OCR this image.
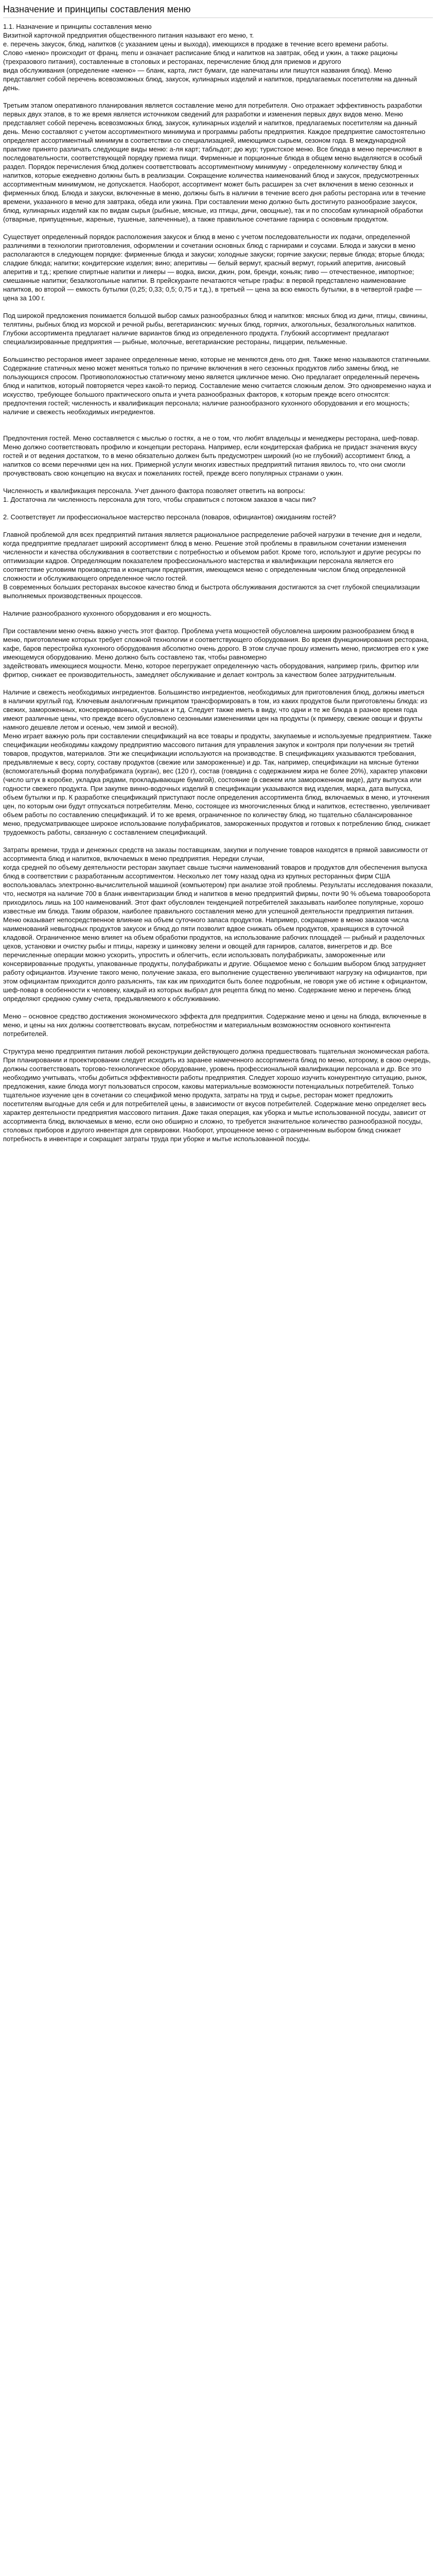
Назначение и принципы составления меню

1.1. Назначение и принципы составления меню

Визитной карточкой предприятия общественного питания называют его меню, т.
е. перечень закусок, блюд, напитков (с указанием цены и выхода), имеющихся в продаже в течение всего времени работы.
Слово «меню» происходит от франц. menu и означает расписание блюд и напитков на завтрак, обед и ужин, а также рационы (трехразового питания), составленные в столовых и ресторанах, перечисление блюд для приемов и другого
вида обслуживания (определение «меню» — бланк, карта, лист бумаги, где напечатаны или пишутся названия блюд). Меню представляет собой перечень всевозможных блюд, закусок, кулинарных изделий и напитков, предлагаемых посетителям на данный день.

Третьим этапом оперативного планирования является составление меню для потребителя. Оно отражает эффективность разработки первых двух этапов, в то же время является источником сведений для разработки и изменения первых двух видов меню. Меню представляет собой перечень всевозможных блюд, закусок, кулинарных изделий и напитков, предлагаемых посетителям на данный день. Меню составляют с учетом ассортиментного минимума и программы работы предприятия. Каждое предприятие самостоятельно определяет ассортиментный минимум в соответствии со специализацией, имеющимся сырьем, сезоном года. В международной практике принято различать следующие виды меню: а-ля карт; табльдот; дю жур; туристское меню. Все блюда в меню перечисляют в последовательности, соответствующей порядку приема пищи. Фирменные и порционные блюда в общем меню выделяются в особый раздел. Порядок перечисления блюд должен соответствовать ассортиментному минимуму - определенному количеству блюд и напитков, которые ежедневно должны быть в реализации. Сокращение количества наименований блюд и закусок, предусмотренных ассортиментным минимумом, не допускается. Наоборот, ассортимент может быть расширен за счет включения в меню сезонных и фирменных блюд. Блюда и закуски, включенные в меню, должны быть в наличии в течение всего дня работы ресторана или в течение времени, указанного в меню для завтрака, обеда или ужина. При составлении меню должно быть достигнуто разнообразие закусок, блюд, кулинарных изделий как по видам сырья (рыбные, мясные, из птицы, дичи, овощные), так и по способам кулинарной обработки (отварные, припущенные, жареные, тушеные, запеченные), а также правильное сочетание гарнира с основным продуктом.

Существует определенный порядок расположения закусок и блюд в меню с учетом последовательности их подачи, определенной различиями в технологии приготовления, оформлении и сочетании основных блюд с гарнирами и соусами. Блюда и закуски в меню располагаются в следующем порядке: фирменные блюда и закуски; холодные закуски; горячие закуски; первые блюда; вторые блюда; сладкие блюда; напитки; кондитерские изделия; вино; аперитивы — белый вермут, красный вермут, горький аперитив, анисовый аперитив и т.д.; крепкие спиртные напитки и ликеры — водка, виски, джин, ром, бренди, коньяк; пиво — отечественное, импортное; смешанные напитки; безалкогольные напитки. В прейскуранте печатаются четыре графы: в первой представлено наименование напитков, во второй — емкость бутылки (0,25; 0,33; 0,5; 0,75 и т.д.), в третьей — цена за всю емкость бутылки, в в четвертой графе — цена за 100 г.

Под широкой предложения понимается большой выбор самых разнообразных блюд и напитков: мясных блюд из дичи, птицы, свинины, телятины, рыбных блюд из морской и речной рыбы, вегетарианских: мучных блюд, горячих, алкогольных, безалкогольных напитков. Глубоки ассортимента предлагает наличие вариантов блюд из определенного продукта. Глубокий ассортимент предлагают специализированные предприятия — рыбные, молочные, вегетарианские рестораны, пиццерии, пельменные.

Большинство ресторанов имеет заранее определенные меню, которые не меняются день ото дня. Также меню называются статичными. Содержание статичных меню может меняться только по причине включения в него сезонных продуктов либо замены блюд, не пользующихся спросом. Противоположностью статичному меню является цикличное меню. Оно предлагает определенный перечень блюд и напитков, который повторяется через какой-то период. Составление меню считается сложным делом. Это одновременно наука и искусство, требующее большого практического опыта и учета разнообразных факторов, к которым прежде всего относятся: предпочтения гостей; численность и квалификация персонала; наличие разнообразного кухонного оборудования и его мощность;
наличие и свежесть необходимых ингредиентов.

Предпочтения гостей. Меню составляется с мыслью о гостях, а не о том, что любят владельцы и менеджеры ресторана, шеф-повар. Меню должно соответствовать профилю и концепции ресторана. Например, если кондитерская фабрика не придаст значения вкусу гостей и от ведения достатком, то в меню обязательно должен быть предусмотрен широкий (но не глубокий) ассортимент блюд, а напитков со всеми перечнями цен на них. Примерной услуги многих известных предприятий питания явилось то, что они смогли прочувствовать свою концепцию на вкусах и пожеланиях гостей, прежде всего популярных странами о ужин.

Численность и квалификация персонала. Учет данного фактора позволяет ответить на вопросы:

1. Достаточна ли численность персонала для того, чтобы справиться с потоком заказов в часы пик?

2. Соответствует ли профессиональное мастерство персонала (поваров, официантов) ожиданиям гостей?

Главной проблемой для всех предприятий питания является рациональное распределение рабочей нагрузки в течение дня и недели,
когда предприятие предлагает широкий ассортимент блюд в меню. Решение этой проблемы в правильном сочетании изменения численности и качества обслуживания в соответствии с потребностью и объемом работ. Кроме того, используют и другие ресурсы по оптимизации кадров. Определяющим показателем профессионального мастерства и квалификации персонала является его соответствие условиям производства и концепции предприятия, имеющемся меню с определенным числом блюд определенной сложности и обслуживающего определенное число гостей.
В современных больших ресторанах высокое качество блюд и быстрота обслуживания достигаются за счет глубокой специализации выполняемых производственных процессов.

Наличие разнообразного кухонного оборудования и его мощность.

При составлении меню очень важно учесть этот фактор. Проблема учета мощностей обусловлена широким разнообразием блюд в меню, приготовление которых требует сложной технологии и соответствующего оборудования. Во время функционирования ресторана, кафе, баров перестройка кухонного оборудования абсолютно очень дорого. В этом случае прошу изменить меню, присмотрев его к уже имеющемуся оборудованию. Меню должно быть составлено так, чтобы равномерно
задействовать имеющиеся мощности. Меню, которое перегружает определенную часть оборудования, например гриль, фритюр или фритюр, снижает ее производительность, замедляет обслуживание и делает контроль за качеством более затруднительным.

Наличие и свежесть необходимых ингредиентов. Большинство ингредиентов, необходимых для приготовления блюд, должны иметься
в наличии круглый год. Ключевым аналогичным принципом трансформировать в том, из каких продуктов были приготовлены блюда: из свежих, замороженных, консервированных, сушеных и т.д. Следует также иметь в виду, что одни и те же блюда в разное время года имеют различные цены, что прежде всего обусловлено сезонными изменениями цен на продукты (к примеру, свежие овощи и фрукты намного дешевле летом и осенью, чем зимой и весной).
Меню играет важную роль при составлении спецификаций на все товары и продукты, закупаемые и используемые предприятием. Также спецификации необходимы каждому предприятию массового питания для управления закупок и контроля при получении ян третий товаров, продуктов, материалов. Эти же спецификации используются на производстве. В спецификациях указываются требования, предъявляемые к весу, сорту, составу продуктов (свежие или замороженные) и др. Так, например, спецификации на мясные бутенки (вспомогательный форма полуфабриката (курган), вес (120 г), состав (говядина с содержанием жира не более 20%), характер упаковки (число штук в коробке, укладка рядами, прокладывающие бумагой), состояние (в свежем или замороженном виде), дату выпуска или годности свежего продукта. При закупке винно-водочных изделий в спецификации указываются вид изделия, марка, дата выпуска, объем бутылки и пр. К разработке спецификаций приступают после определения ассортимента блюд, включаемых в меню, и уточнения цен, по которым они будут отпускаться потребителям. Меню, состоящее из многочисленных блюд и напитков, естественно, увеличивает объем работы по составлению спецификаций. И то же время, ограниченное по количеству блюд, но тщательно сбалансированное меню, предусматривающее широкое использование полуфабрикатов, замороженных продуктов и готовых к потреблению блюд, снижает трудоемкость работы, связанную с составлением спецификаций.

Затраты времени, труда и денежных средств на заказы поставщикам, закупки и получение товаров находятся в прямой зависимости от ассортимента блюд и напитков, включаемых в меню предприятия. Нередки случаи,
когда средней по объему деятельности ресторан закупает свыше тысячи наименований товаров и продуктов для обеспечения выпуска блюд в соответствии с разработанным ассортиментом. Несколько лет тому назад одна из крупных ресторанных фирм США воспользовалась электронно-вычислительной машиной (компьютером) при анализе этой проблемы. Результаты исследования показали, что, несмотря на наличие 700 в бланк инвентаризации блюд и напитков в меню предприятий фирмы, почти 90 % объема товарооборота приходилось лишь на 100 наименований. Этот факт обусловлен тенденцией потребителей заказывать наиболее популярные, хорошо известные им блюда. Таким образом, наиболее правильного составления меню для успешной деятельности предприятия питания. Меню оказывает непосредственное влияние на объем суточного запаса продуктов. Например, сокращение в меню заказов числа наименований невыгодных продуктов закусок и блюд до пяти позволит вдвое снижать объем продуктов, хранящихся в суточной кладовой. Ограниченное меню влияет на объем обработки продуктов, на использование рабочих площадей — рыбный и разделочных цехов, установки и очистку рыбы и птицы, нарезку и шинковку зелени и овощей для гарниров, салатов, винегретов и др. Все перечисленные операции можно ускорить, упростить и облегчить, если использовать полуфабрикаты, замороженные или консервированные продукты, упакованные продукты, полуфабрикаты и другие. Общаемое меню с большим выбором блюд затрудняет работу официантов. Изучение такого меню, получение заказа, его выполнение существенно увеличивают нагрузку на официантов, при этом официантам приходится долго разъяснять, так как им приходится быть более подробным, не говоря уже об истине к официантом, шеф-повар в особенности к человеку, каждый из которых выбрал для рецепта блюд по меню. Содержание меню и перечень блюд определяют среднюю сумму счета, предъявляемого к обслуживанию.

Меню – основное средство достижения экономического эффекта для предприятия. Содержание меню и цены на блюда, включенные в меню, и цены на них должны соответствовать вкусам, потребностям и материальным возможностям основного контингента потребителей.

Структура меню предприятия питания любой реконструкции действующего должна предшествовать тщательная экономическая работа. При планировании и проектировании следует исходить из заранее намеченного ассортимента блюд по меню, которому, в свою очередь, должны соответствовать торгово-технологическое оборудование, уровень профессиональной квалификации персонала и др. Все это необходимо учитывать, чтобы добиться эффективности работы предприятия. Следует хорошо изучить конкурентную ситуацию, рынок, предложения, какие блюда могут пользоваться спросом, каковы материальные возможности потенциальных потребителей. Только тщательное изучение цен в сочетании со спецификой меню продукта, затраты на труд и сырье, ресторан может предложить посетителям выгодные для себя и для потребителей цены, в зависимости от вкусов потребителей. Содержание меню определяет весь характер деятельности предприятия массового питания. Даже такая операция, как уборка и мытье использованной посуды, зависит от ассортимента блюд, включаемых в меню, если оно обширно и сложно, то требуется значительное количество разнообразной посуды, столовых приборов и другого инвентаря для сервировки. Наоборот, упрощенное меню с ограниченным выбором блюд снижает потребность в инвентаре и сокращает затраты труда при уборке и мытье использованной посуды.
